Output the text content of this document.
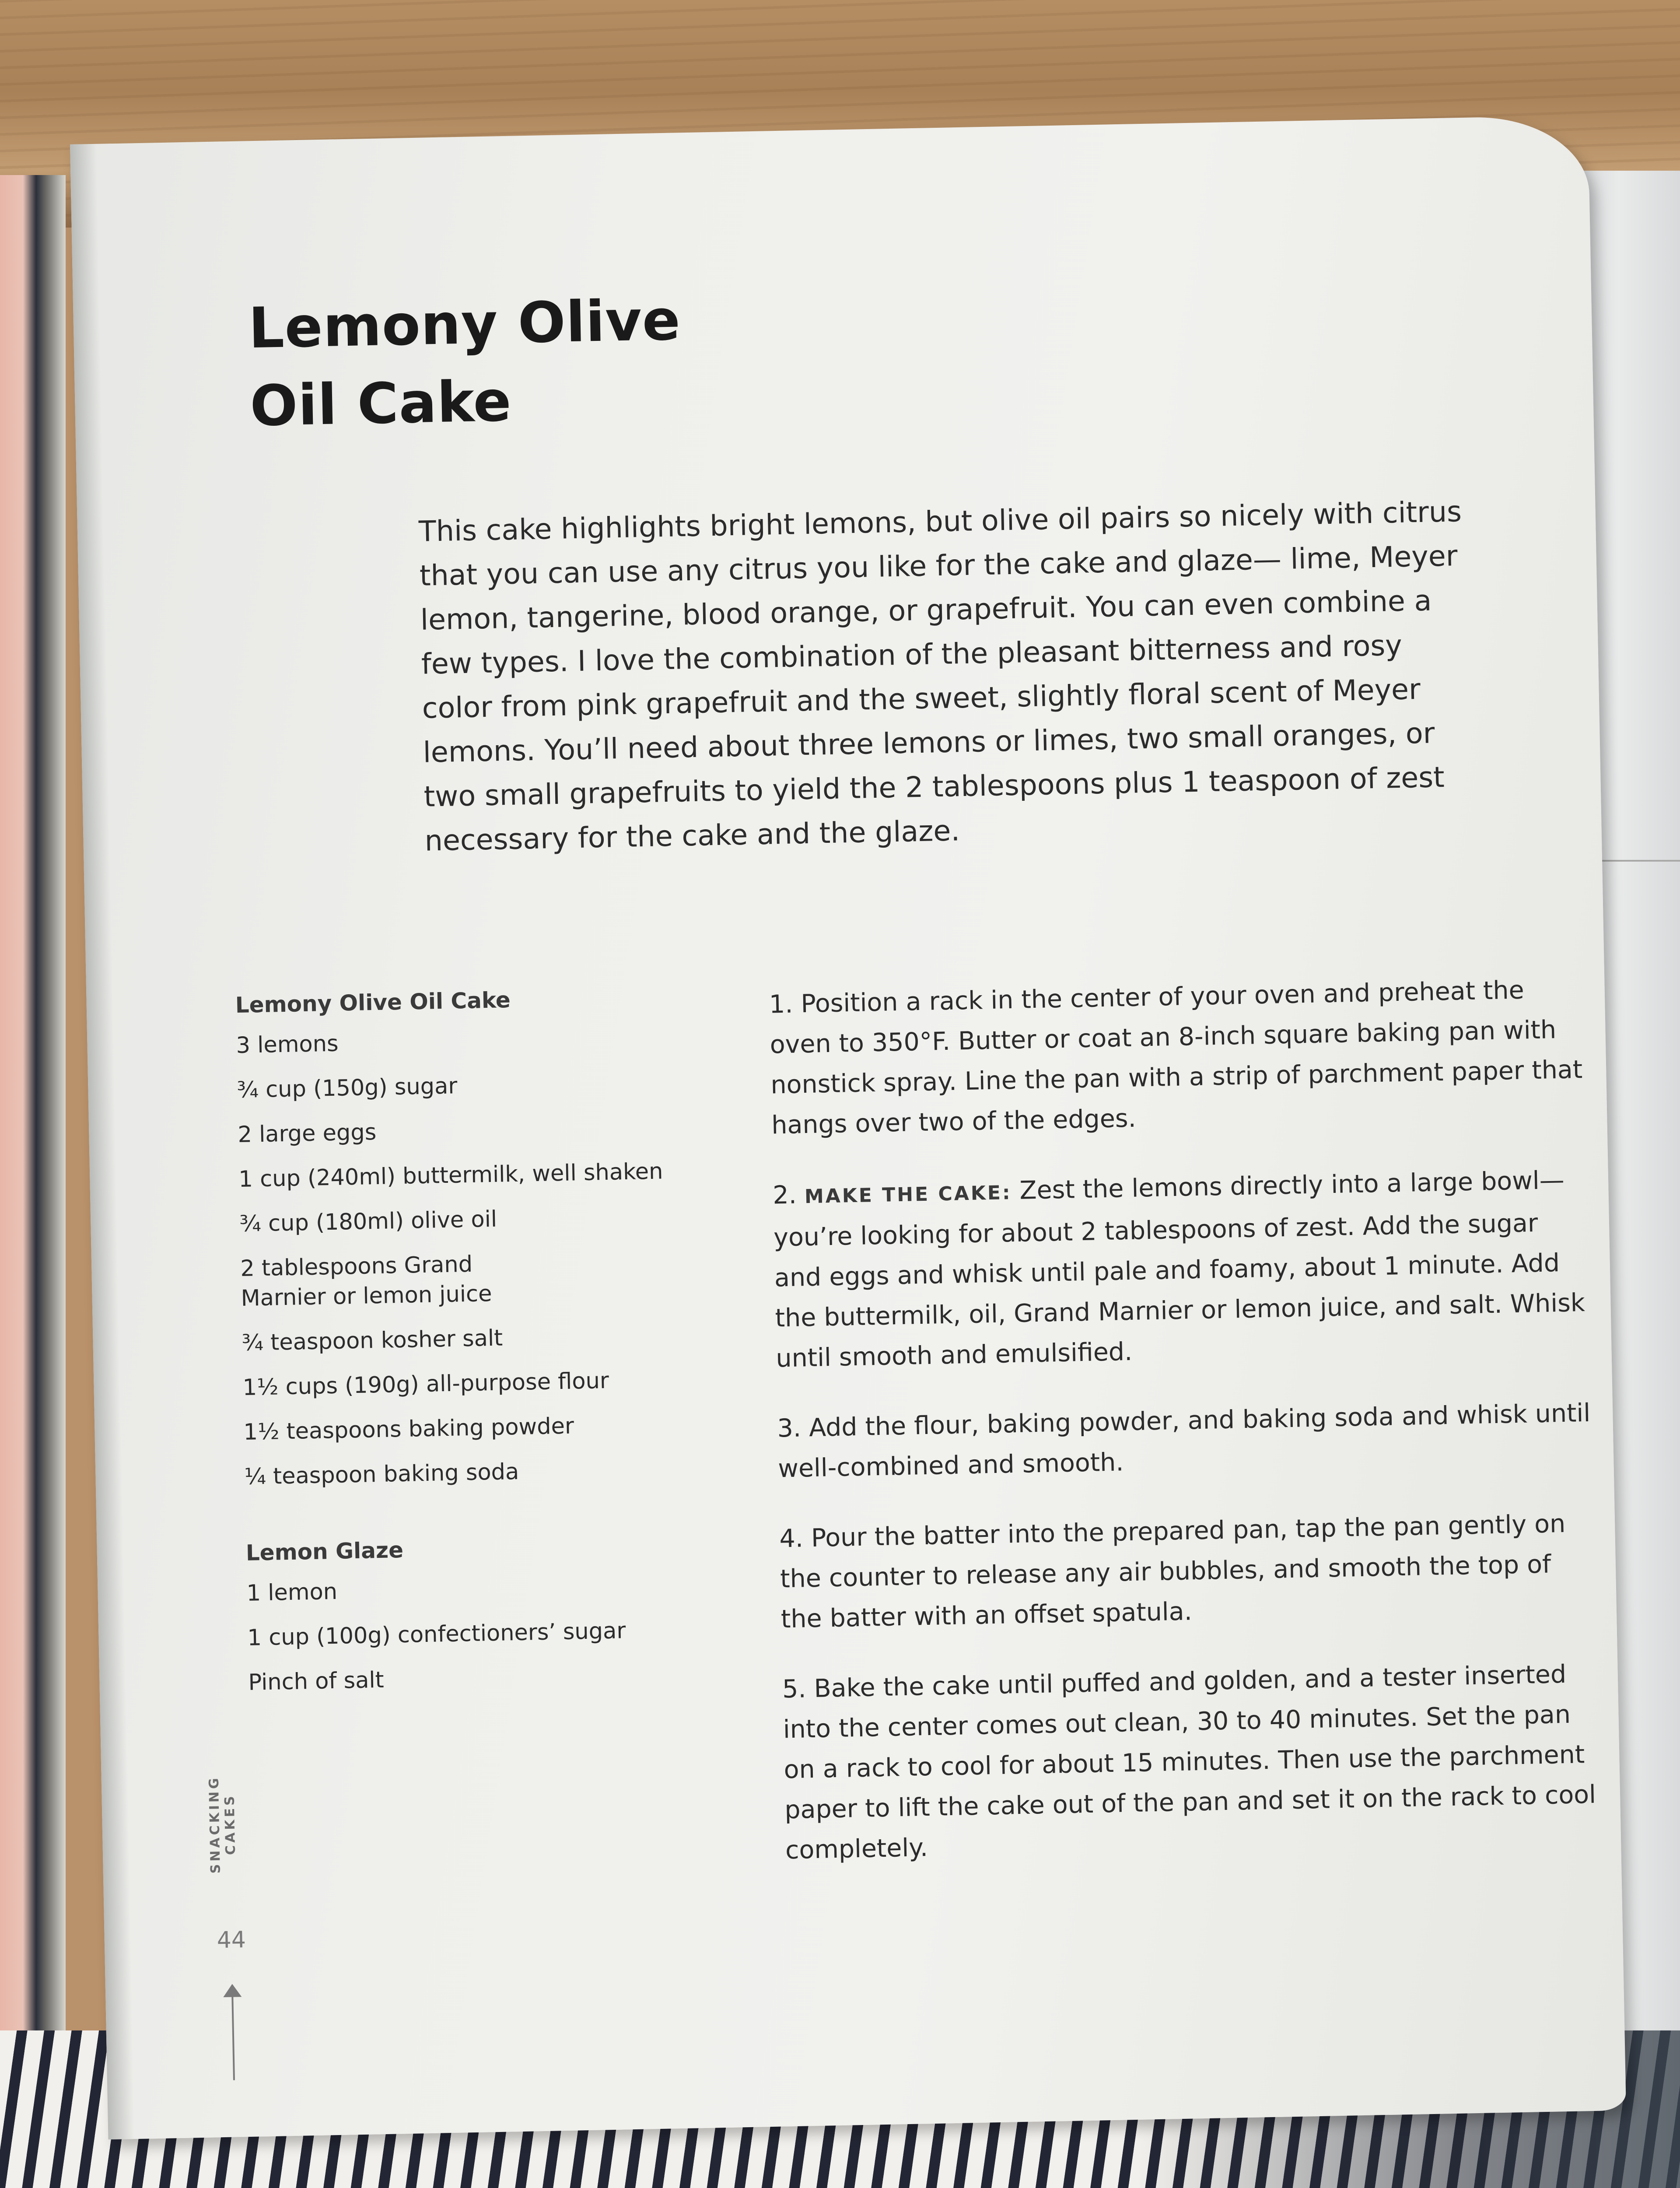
Lemony Olive
Oil Cake

This cake highlights bright lemons, but olive oil pairs so nicely with citrus that you can use any citrus you like for the cake and glaze— lime, Meyer lemon, tangerine, blood orange, or grapefruit. You can even combine a few types. I love the combination of the pleasant bitterness and rosy color from pink grapefruit and the sweet, slightly floral scent of Meyer lemons. You’ll need about three lemons or limes, two small oranges, or two small grapefruits to yield the 2 tablespoons plus 1 teaspoon of zest necessary for the cake and the glaze.

Lemony Olive Oil Cake
3 lemons
¾ cup (150g) sugar
2 large eggs
1 cup (240ml) buttermilk, well shaken
¾ cup (180ml) olive oil
2 tablespoons Grand Marnier or lemon juice
¾ teaspoon kosher salt
1½ cups (190g) all-purpose flour
1½ teaspoons baking powder
¼ teaspoon baking soda
Lemon Glaze
1 lemon
1 cup (100g) confectioners’ sugar
Pinch of salt
1. Position a rack in the center of your oven and preheat the oven to 350°F. Butter or coat an 8-inch square baking pan with nonstick spray. Line the pan with a strip of parchment paper that hangs over two of the edges.
2. MAKE THE CAKE: Zest the lemons directly into a large bowl— you’re looking for about 2 tablespoons of zest. Add the sugar and eggs and whisk until pale and foamy, about 1 minute. Add the buttermilk, oil, Grand Marnier or lemon juice, and salt. Whisk until smooth and emulsified.
3. Add the flour, baking powder, and baking soda and whisk until well-combined and smooth.
4. Pour the batter into the prepared pan, tap the pan gently on the counter to release any air bubbles, and smooth the top of the batter with an offset spatula.
5. Bake the cake until puffed and golden, and a tester inserted into the center comes out clean, 30 to 40 minutes. Set the pan on a rack to cool for about 15 minutes. Then use the parchment paper to lift the cake out of the pan and set it on the rack to cool completely.
SNACKING CAKES
44
